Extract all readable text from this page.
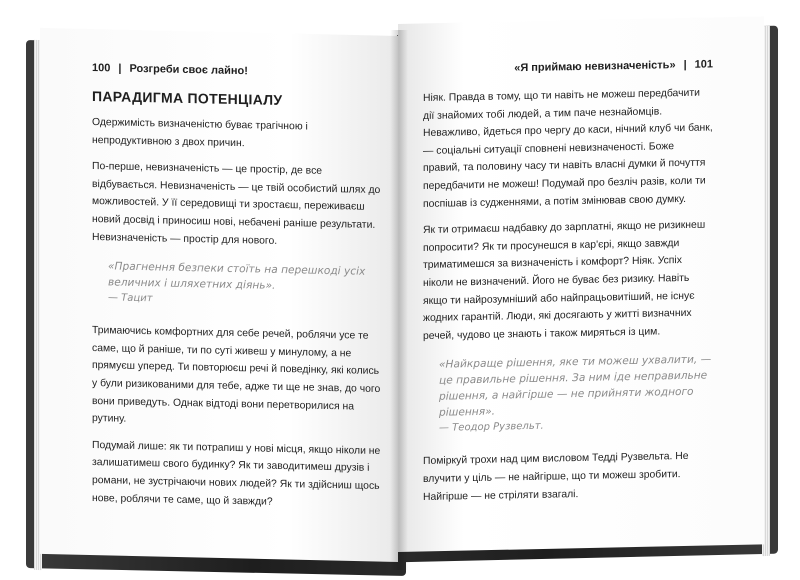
100 | Розгреби своє лайно!
ПАРАДИГМА ПОТЕНЦІАЛУ

Одержимість визначеністю буває трагічною і непродуктивною з двох причин.

По-перше, невизначеність — це простір, де все відбувається. Невизначеність — це твій особистий шлях до можливостей. У її середовищі ти зростаєш, переживаєш новий досвід і приносиш нові, небачені раніше результати. Невизначеність — простір для нового.

«Прагнення безпеки стоїть на перешкоді усіх величних і шляхетних діянь».
— Тацит

Тримаючись комфортних для себе речей, роблячи усе те саме, що й раніше, ти по суті живеш у минулому, а не прямуєш уперед. Ти повторюєш речі й поведінку, які колись у були ризикованими для тебе, адже ти ще не знав, до чого вони приведуть. Однак відтоді вони перетворилися на рутину.

Подумай лише: як ти потрапиш у нові місця, якщо ніколи не залишатимеш свого будинку? Як ти заводитимеш друзів і романи, не зустрічаючи нових людей? Як ти здійсниш щось нове, роблячи те саме, що й завжди?

«Я приймаю невизначеність» | 101

Ніяк. Правда в тому, що ти навіть не можеш передбачити дії знайомих тобі людей, а тим паче незнайомців. Неважливо, йдеться про чергу до каси, нічний клуб чи банк, — соціальні ситуації сповнені невизначеності. Боже правий, та половину часу ти навіть власні думки й почуття передбачити не можеш! Подумай про безліч разів, коли ти поспішав із судженнями, а потім змінював свою думку.

Як ти отримаєш надбавку до зарплатні, якщо не ризикнеш попросити? Як ти просунешся в кар'єрі, якщо завжди триматимешся за визначеність і комфорт? Ніяк. Успіх ніколи не визначений. Його не буває без ризику. Навіть якщо ти найрозумніший або найпрацьовитіший, не існує жодних гарантій. Люди, які досягають у житті визначних речей, чудово це знають і також миряться із цим.

«Найкраще рішення, яке ти можеш ухвалити, — це правильне рішення. За ним іде неправильне рішення, а найгірше — не прийняти жодного рішення».
— Теодор Рузвельт.

Поміркуй трохи над цим висловом Тедді Рузвельта. Не влучити у ціль — не найгірше, що ти можеш зробити. Найгірше — не стріляти взагалі.
